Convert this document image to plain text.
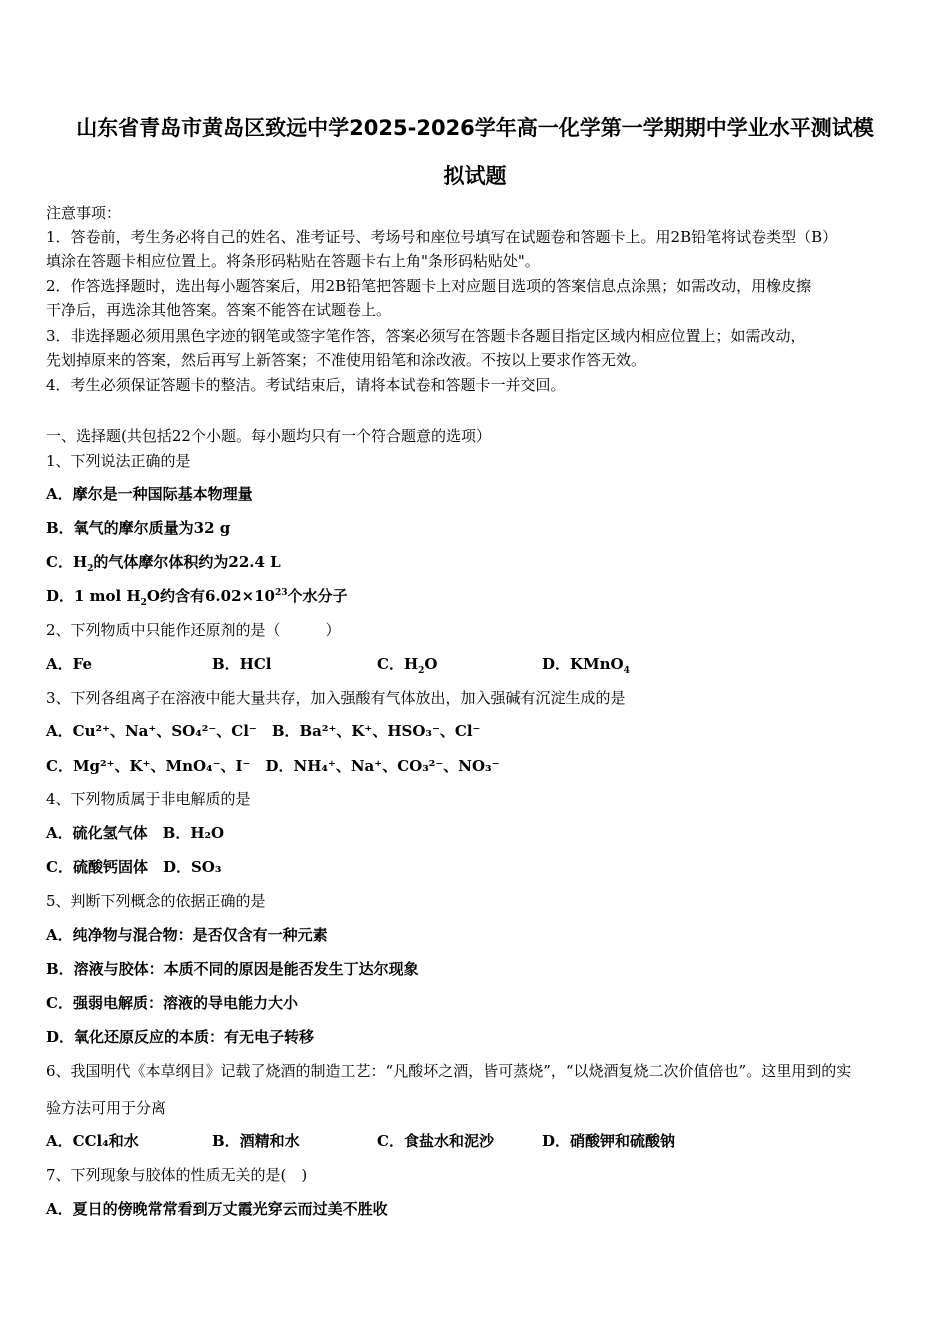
山东省青岛市黄岛区致远中学2025-2026学年高一化学第一学期期中学业水平测试模
拟试题
注意事项：
1．答卷前，考生务必将自己的姓名、准考证号、考场号和座位号填写在试题卷和答题卡上。用2B铅笔将试卷类型（B）
填涂在答题卡相应位置上。将条形码粘贴在答题卡右上角"条形码粘贴处"。
2．作答选择题时，选出每小题答案后，用2B铅笔把答题卡上对应题目选项的答案信息点涂黑；如需改动，用橡皮擦
干净后，再选涂其他答案。答案不能答在试题卷上。
3．非选择题必须用黑色字迹的钢笔或签字笔作答，答案必须写在答题卡各题目指定区域内相应位置上；如需改动，
先划掉原来的答案，然后再写上新答案；不准使用铅笔和涂改液。不按以上要求作答无效。
4．考生必须保证答题卡的整洁。考试结束后，请将本试卷和答题卡一并交回。
一、选择题(共包括22个小题。每小题均只有一个符合题意的选项）
1、下列说法正确的是
A．摩尔是一种国际基本物理量
B．氧气的摩尔质量为32 g
C．$H_2$的气体摩尔体积约为22.4 L
D．1 mol $H_2O$约含有$6.02\times 10^{23}$个水分子
2、下列物质中只能作还原剂的是（　　　）
A．Fe	B．HCl	C．$H_2O$	D．KMnO$_4$
3、下列各组离子在溶液中能大量共存，加入强酸有气体放出，加入强碱有沉淀生成的是
A．Cu²⁺、Na⁺、SO₄²⁻、Cl⁻　B．Ba²⁺、K⁺、HSO₃⁻、Cl⁻
C．Mg²⁺、K⁺、MnO₄⁻、I⁻　D．NH₄⁺、Na⁺、CO₃²⁻、NO₃⁻
4、下列物质属于非电解质的是
A．硫化氢气体　B．H₂O
C．硫酸钙固体　D．SO₃
5、判断下列概念的依据正确的是
A．纯净物与混合物：是否仅含有一种元素
B．溶液与胶体：本质不同的原因是能否发生丁达尔现象
C．强弱电解质：溶液的导电能力大小
D．氧化还原反应的本质：有无电子转移
6、我国明代《本草纲目》记载了烧酒的制造工艺：“凡酸坏之酒，皆可蒸烧”，“以烧酒复烧二次价值倍也”。这里用到的实
验方法可用于分离
A．CCl₄和水	B．酒精和水	C．食盐水和泥沙	D．硝酸钾和硫酸钠
7、下列现象与胶体的性质无关的是(　)
A．夏日的傍晚常常看到万丈霞光穿云而过美不胜收
